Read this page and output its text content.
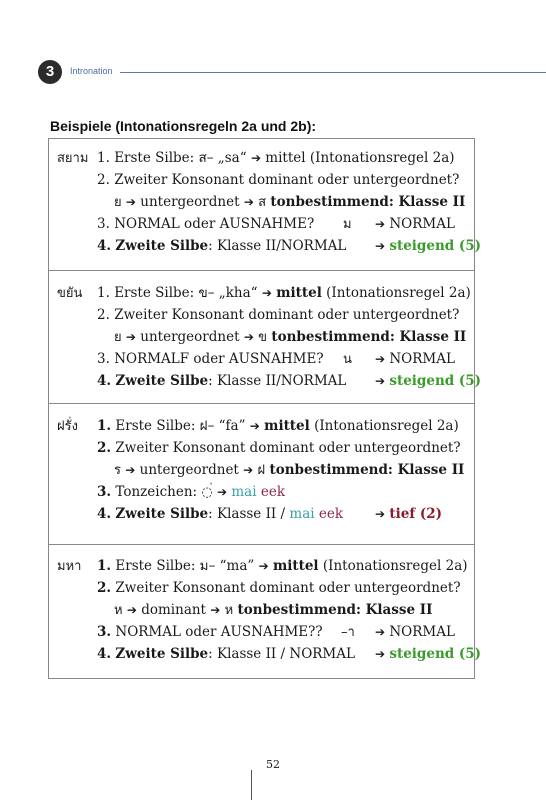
3	Intronation
Beispiele (Intonationsregeln 2a und 2b):
สยาม 1. Erste Silbe: ส– „sa“ ➔ mittel (Intonationsregel 2a)
2. Zweiter Konsonant dominant oder untergeordnet?
ย ➔ untergeordnet ➔ ส tonbestimmend: Klasse II
3. NORMAL oder AUSNAHME? ม ➔ NORMAL
4. Zweite Silbe: Klasse II/NORMAL ➔ steigend (5)
ขยัน 1. Erste Silbe: ข– „kha“ ➔ mittel (Intonationsregel 2a)
2. Zweiter Konsonant dominant oder untergeordnet?
ย ➔ untergeordnet ➔ ข tonbestimmend: Klasse II
3. NORMALF oder AUSNAHME? น ➔ NORMAL
4. Zweite Silbe: Klasse II/NORMAL ➔ steigend (5)
ฝรั่ง 1. Erste Silbe: ฝ– “fa” ➔ mittel (Intonationsregel 2a)
2. Zweiter Konsonant dominant oder untergeordnet?
ร ➔ untergeordnet ➔ ฝ tonbestimmend: Klasse II
3. Tonzeichen: ◌่ ➔ mai eek
4. Zweite Silbe: Klasse II / mai eek	➔ tief (2)
มหา 1. Erste Silbe: ม– “ma” ➔ mittel (Intonationsregel 2a)
2. Zweiter Konsonant dominant oder untergeordnet?
ห ➔ dominant ➔ ห tonbestimmend: Klasse II
3. NORMAL oder AUSNAHME?? –า ➔ NORMAL
4. Zweite Silbe: Klasse II / NORMAL ➔ steigend (5)
52
